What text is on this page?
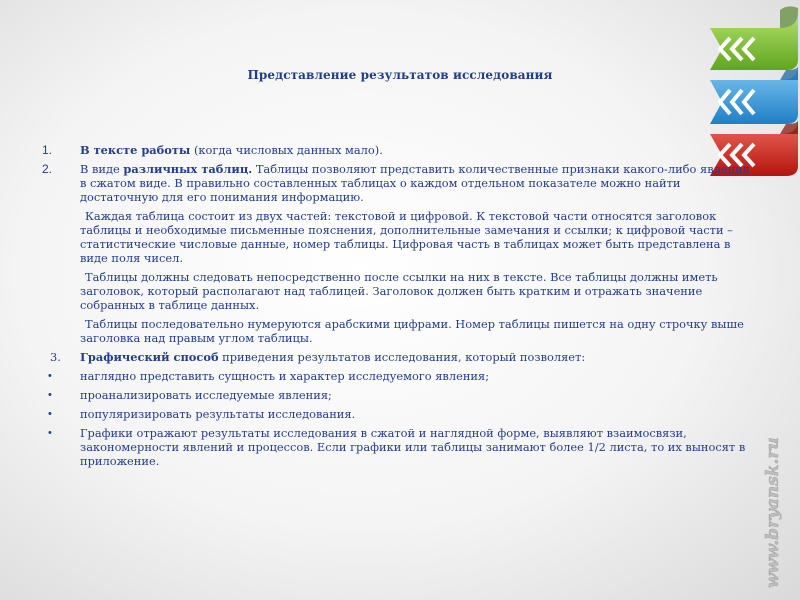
Представление результатов исследования
1. В тексте работы (когда числовых данных мало).
2. В виде различных таблиц. Таблицы позволяют представить количественные признаки какого-либо явления в сжатом виде. В правильно составленных таблицах о каждом отдельном показателе можно найти достаточную для его понимания информацию.
Каждая таблица состоит из двух частей: текстовой и цифровой. К текстовой части относятся заголовок таблицы и необходимые письменные пояснения, дополнительные замечания и ссылки; к цифровой части – статистические числовые данные, номер таблицы. Цифровая часть в таблицах может быть представлена в виде поля чисел.
Таблицы должны следовать непосредственно после ссылки на них в тексте. Все таблицы должны иметь заголовок, который располагают над таблицей. Заголовок должен быть кратким и отражать значение собранных в таблице данных.
Таблицы последовательно нумеруются арабскими цифрами. Номер таблицы пишется на одну строчку выше заголовка над правым углом таблицы.
3. Графический способ приведения результатов исследования, который позволяет:
• наглядно представить сущность и характер исследуемого явления;
• проанализировать исследуемые явления;
• популяризировать результаты исследования.
• Графики отражают результаты исследования в сжатой и наглядной форме, выявляют взаимосвязи, закономерности явлений и процессов. Если графики или таблицы занимают более 1/2 листа, то их выносят в приложение.	www.bryansk.ru
